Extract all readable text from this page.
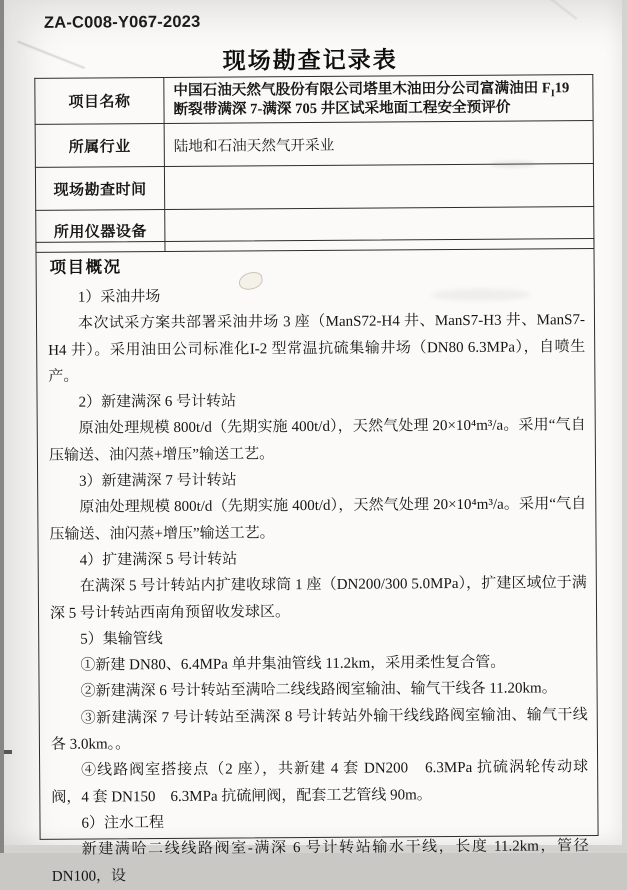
ZA-C008-Y067-2023
现场勘查记录表
项目名称	中国石油天然气股份有限公司塔里木油田分公司富满油田 $F_I19$ 断裂带满深 7-满深 705 井区试采地面工程安全预评价
所属行业	陆地和石油天然气开采业
现场勘查时间	
所用仪器设备	
项目概况

1）采油井场

本次试采方案共部署采油井场 3 座（ManS72-H4 井、ManS7-H3 井、ManS7-H4 井）。采用油田公司标准化I-2 型常温抗硫集输井场（DN80 6.3MPa），自喷生产。

2）新建满深 6 号计转站

原油处理规模 800t/d（先期实施 400t/d），天然气处理 20×10⁴m³/a。采用“气自压输送、油闪蒸+增压”输送工艺。

3）新建满深 7 号计转站

原油处理规模 800t/d（先期实施 400t/d），天然气处理 20×10⁴m³/a。采用“气自压输送、油闪蒸+增压”输送工艺。

4）扩建满深 5 号计转站

在满深 5 号计转站内扩建收球筒 1 座（DN200/300 5.0MPa），扩建区域位于满深 5 号计转站西南角预留收发球区。

5）集输管线

①新建 DN80、6.4MPa 单井集油管线 11.2km，采用柔性复合管。

②新建满深 6 号计转站至满哈二线线路阀室输油、输气干线各 11.20km。

③新建满深 7 号计转站至满深 8 号计转站外输干线线路阀室输油、输气干线各 3.0km。。

④线路阀室搭接点（2 座），共新建 4 套 DN200　6.3MPa 抗硫涡轮传动球阀，4 套 DN150　6.3MPa 抗硫闸阀，配套工艺管线 90m。

6）注水工程

新建满哈二线线路阀室-满深 6 号计转站输水干线，长度 11.2km，管径DN100，设
